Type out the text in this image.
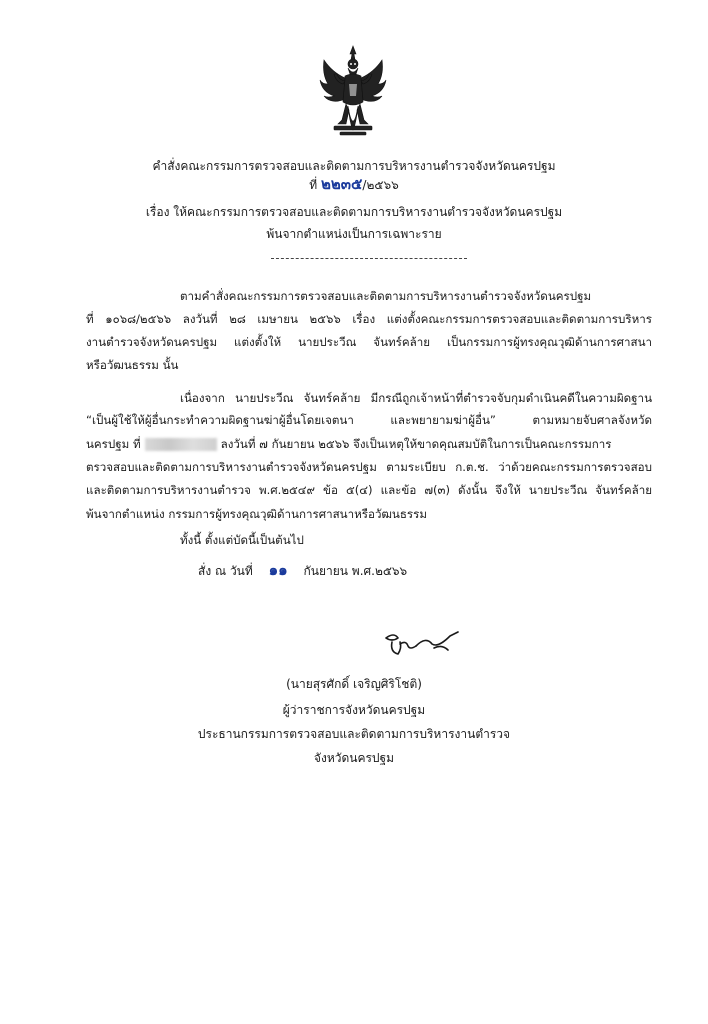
คำสั่งคณะกรรมการตรวจสอบและติดตามการบริหารงานตำรวจจังหวัดนครปฐม
ที่ ๒๒๓๕/๒๕๖๖
เรื่อง ให้คณะกรรมการตรวจสอบและติดตามการบริหารงานตำรวจจังหวัดนครปฐม
พ้นจากตำแหน่งเป็นการเฉพาะราย
ตามคำสั่งคณะกรรมการตรวจสอบและติดตามการบริหารงานตำรวจจังหวัดนครปฐม
ที่ ๑๐๖๘/๒๕๖๖ ลงวันที่ ๒๘ เมษายน ๒๕๖๖ เรื่อง แต่งตั้งคณะกรรมการตรวจสอบและติดตามการบริหาร
งานตำรวจจังหวัดนครปฐม แต่งตั้งให้ นายประวีณ จันทร์คล้าย เป็นกรรมการผู้ทรงคุณวุฒิด้านการศาสนา
หรือวัฒนธรรม นั้น
เนื่องจาก นายประวีณ จันทร์คล้าย มีกรณีถูกเจ้าหน้าที่ตำรวจจับกุมดำเนินคดีในความผิดฐาน
“เป็นผู้ใช้ให้ผู้อื่นกระทำความผิดฐานฆ่าผู้อื่นโดยเจตนา และพยายามฆ่าผู้อื่น” ตามหมายจับศาลจังหวัด
นครปฐม ที่	ลงวันที่ ๗ กันยายน ๒๕๖๖ จึงเป็นเหตุให้ขาดคุณสมบัติในการเป็นคณะกรรมการ
ตรวจสอบและติดตามการบริหารงานตำรวจจังหวัดนครปฐม ตามระเบียบ ก.ต.ช. ว่าด้วยคณะกรรมการตรวจสอบ
และติดตามการบริหารงานตำรวจ พ.ศ.๒๕๔๙ ข้อ ๕(๔) และข้อ ๗(๓) ดังนั้น จึงให้ นายประวีณ จันทร์คล้าย
พ้นจากตำแหน่ง กรรมการผู้ทรงคุณวุฒิด้านการศาสนาหรือวัฒนธรรม
ทั้งนี้ ตั้งแต่บัดนี้เป็นต้นไป
สั่ง ณ วันที่ ๑๑ กันยายน พ.ศ.๒๕๖๖
(นายสุรศักดิ์ เจริญศิริโชติ)
ผู้ว่าราชการจังหวัดนครปฐม
ประธานกรรมการตรวจสอบและติดตามการบริหารงานตำรวจ
จังหวัดนครปฐม
